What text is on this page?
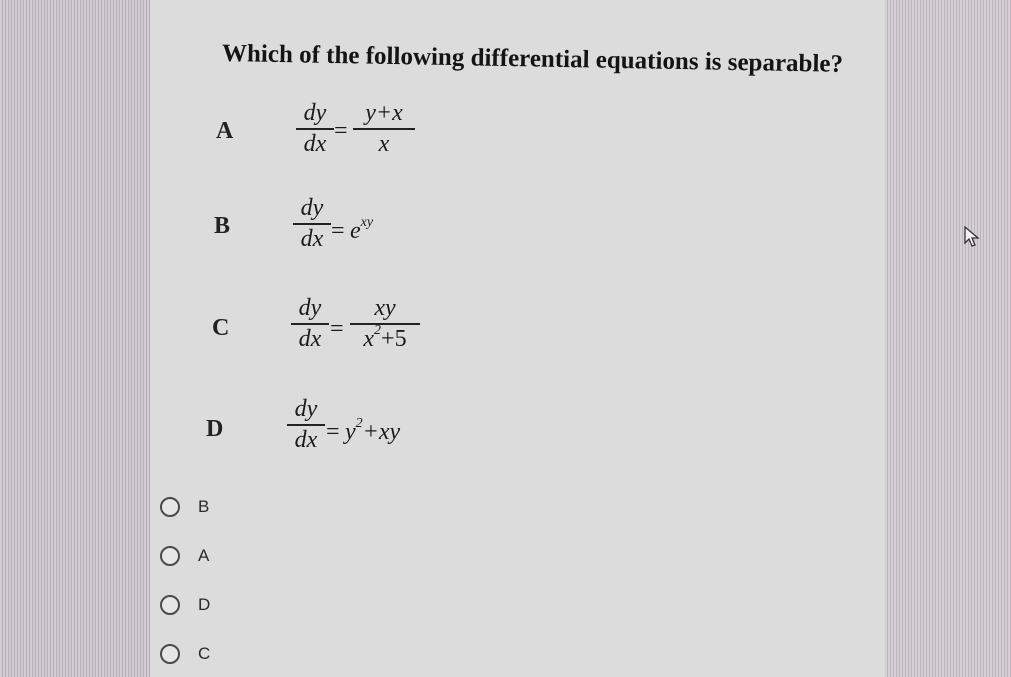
Which of the following differential equations is separable?
A
dy
dx =
y+x
x
B
dy
dx = $e^{xy}$
C
dy
dx =
xy
$x^2+5$
D
dy
dx = $y^2+xy$
B
A
D
C
